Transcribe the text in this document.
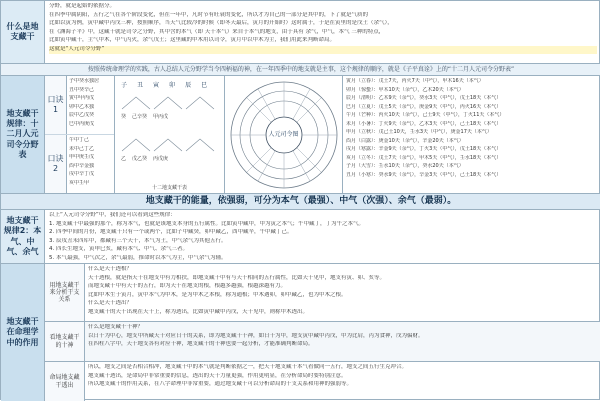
什么是地支藏干
分野，就是起始的依据分。
在四季中属阴阳，五行之气在各个阶段变化，但在一年中，凡时节有旺衰的变化，所以才为自己的一部分是其中的，下了就是气质的
比如以寅为例，寅中藏甲丙戊三种，按照顺序，当天气比较冷的时候（即冬天最后，寅月的开始时）这时属于，于是在寅里的是戊土（余气），
在《渊海子平》中，这藏干就是司令之分野，其中含的本气（即 天干本气）来自于本气的地支，由于具有 余气，中气，本气 三种的特点，
比如寅中藏干，主气甲木，中气丙火，余气戊土；这里藏的甲木用以司令，寅月中以甲木为主，我们用此来判断命局。
这就是“人元司令分野”
按照传统命理学的实践，古人总结人元分野学当令四柄福的神，在一年四季中的地支就是主事，这个规律的顺序，就是《子平真诠》上的“十二月人元司令分野表”
地支藏干规律：十二月人元司令分野表
口诀1
子中癸水独居
丑中癸辛己
寅中甲丙戊
卯中乙木独
辰中乙戊癸
巳中丙庚戊
口诀2
午中丁己
未中己丁乙
申中庚壬戊
酉中辛金独
戌中辛丁戊
亥中壬甲
子 丑 寅 卯 辰 巳
癸 己辛癸 甲丙戊
乙 戊乙癸 丙戊庚
十二地支藏干表
人元司令图
寅月（立春）：戊土7天，丙火7天（中气），甲木16天（本气）
卯月（惊蛰）：甲木10天（余气），乙木20天（本气）
辰月（清明）：乙木9天（余气），癸水3天（中气），戊土18天（本气）
巳月（立夏）：戊土5天（余气），庚金9天（中气），丙火16天（本气）
午月（芒种）：丙火10天（余气），己土9天（中气），丁火11天（本气）
未月（小暑）：丁火9天（余气），乙木3天（中气），己土18天（本气）
申月（立秋）：戊己土10天，壬水3天（中气），庚金17天（本气）
酉月（白露）：庚金10天（余气），辛金20天（本气）
戌月（寒露）：辛金9天（余气），丁火3天（中气），戊土18天（本气）
亥月（立冬）：戊土7天（余气），甲木5天（中气），壬水18天（本气）
子月（大雪）：壬水10天（余气），癸水20天（本气）
丑月（小寒）：癸水9天（余气），辛金3天（中气），己土18天（本气）
地支藏干的能量，依强弱，可分为本气（最强）、中气（次强）、余气（最弱）。
地支藏干规律2：本气、中气、余气
以上“人元司令分野”中，我们还可以看到这些规律：
1. 地支藏干中最强的那个，称为本气，也就是该地支本身的五行属性。比如寅中藏甲，甲为寅之本气；午中藏丁，丁为午之本气。
2. 四季中间的月份，地支藏干只有一个或两个，比如子中藏癸，卯中藏乙，酉中藏辛，午中藏丁己。
3. 辰戌丑未四库中，都藏有三个天干，本气为土，中气余气为其他五行。
4. 四长生地支，寅申巳亥，藏有本气、中气、余气三者。
5. 本气最强，中气次之，余气最弱，推命时以本气为主，中气余气为辅。
地支藏干在命理学中的作用
用地支藏干来分析干支关系
什么是天干透根？
天干透根，就是指天干在地支中有力相扶，即地支藏干中有与天干相同的五行属性，比如天干见甲，地支有寅、卯、亥等。
而地支藏干中有天干的五行，即为天干在地支的根，根越多越强，根越深越有力。
比如甲木生于寅月，寅中本气为甲木，是为甲木之本根，称为通根；甲木遇卯，卯中藏乙，也为甲木之根。
什么是天干透出？
地支藏干的天干出现在天干上，称为透出，比如寅中藏甲丙戊，天干见甲，则称甲木透出。
看地支藏干的十神
什么是地支藏干十神？
以日干为中心，地支中所藏天干对应日干的关系，即为地支藏干十神，如日干为甲，地支寅中藏甲丙戊，甲为比肩，丙为食神，戊为偏财。
在四柱八字中，天干地支各有对应十神，地支藏干的十神也要一起分析，才能准确判断命局。
命局地支藏干透出
所以，地支之间是否相合相冲，地支藏干中的本气就是判断依据之一，把天干地支藏干本气看做同一五行，地支之间五行生克冲合。
地支藏干透出，是命局中非常重要的信息，透出的天干力量更强，作用更明显，在分析命局时要特别注意。
所以地支藏干的作用关系，在八字命理中非常重要，通过地支藏干可以分析命局的干支关系和用神的强弱等。
